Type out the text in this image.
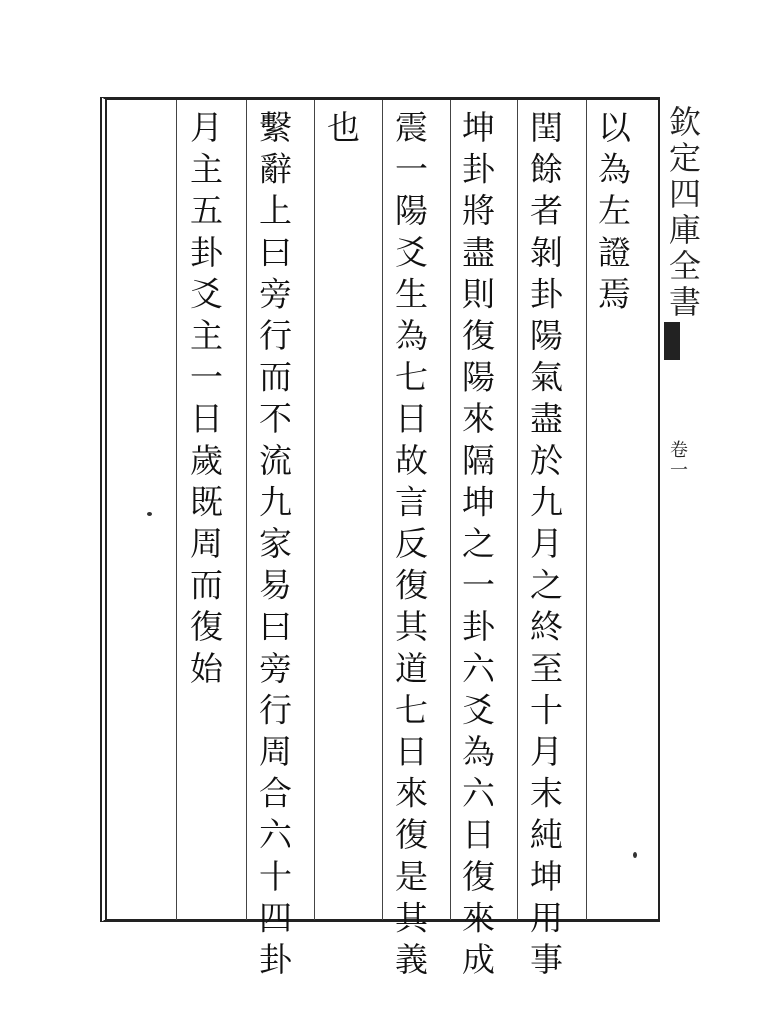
欽定四庫全書
卷一
以為左證焉
閏餘者剝卦陽氣盡於九月之終至十月末純坤用事
坤卦將盡則復陽來隔坤之一卦六爻為六日復來成
震一陽爻生為七日故言反復其道七日來復是其義
也
繫辭上曰旁行而不流九家易曰旁行周合六十四卦
月主五卦爻主一日歲既周而復始
